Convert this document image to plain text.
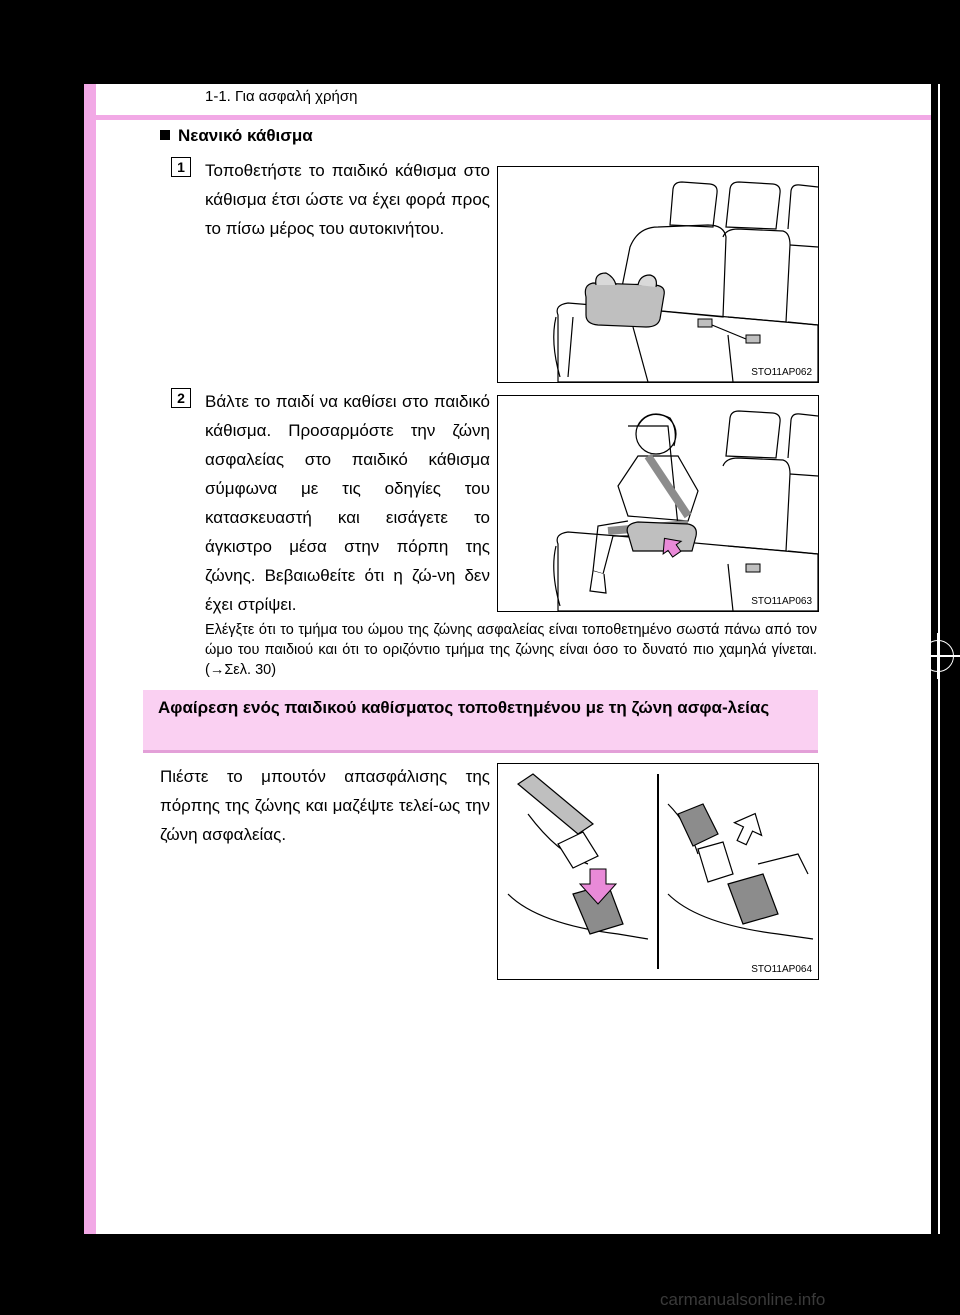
1-1. Για ασφαλή χρήση
Νεανικό κάθισμα
1	Τοποθετήστε το παιδικό κάθισμα στο κάθισμα έτσι ώστε να έχει φορά προς το πίσω μέρος του αυτοκινήτου.
STO11AP062
2	Βάλτε το παιδί να καθίσει στο παιδικό κάθισμα. Προσαρμόστε την ζώνη ασφαλείας στο παιδικό κάθισμα σύμφωνα με τις οδηγίες του κατασκευαστή και εισάγετε το άγκιστρο μέσα στην πόρπη της ζώνης. Βεβαιωθείτε ότι η ζώ-νη δεν έχει στρίψει.	STO11AP063
Ελέγξτε ότι το τμήμα του ώμου της ζώνης ασφαλείας είναι τοποθετημένο σωστά πάνω από τον ώμο του παιδιού και ότι το οριζόντιο τμήμα της ζώνης είναι όσο το δυνατό πιο χαμηλά γίνεται. (→Σελ. 30)
Αφαίρεση ενός παιδικού καθίσματος τοποθετημένου με τη ζώνη ασφα-λείας
Πιέστε το μπουτόν απασφάλισης της πόρπης της ζώνης και μαζέψτε τελεί-ως την ζώνη ασφαλείας.
STO11AP064
carmanualsonline.info
